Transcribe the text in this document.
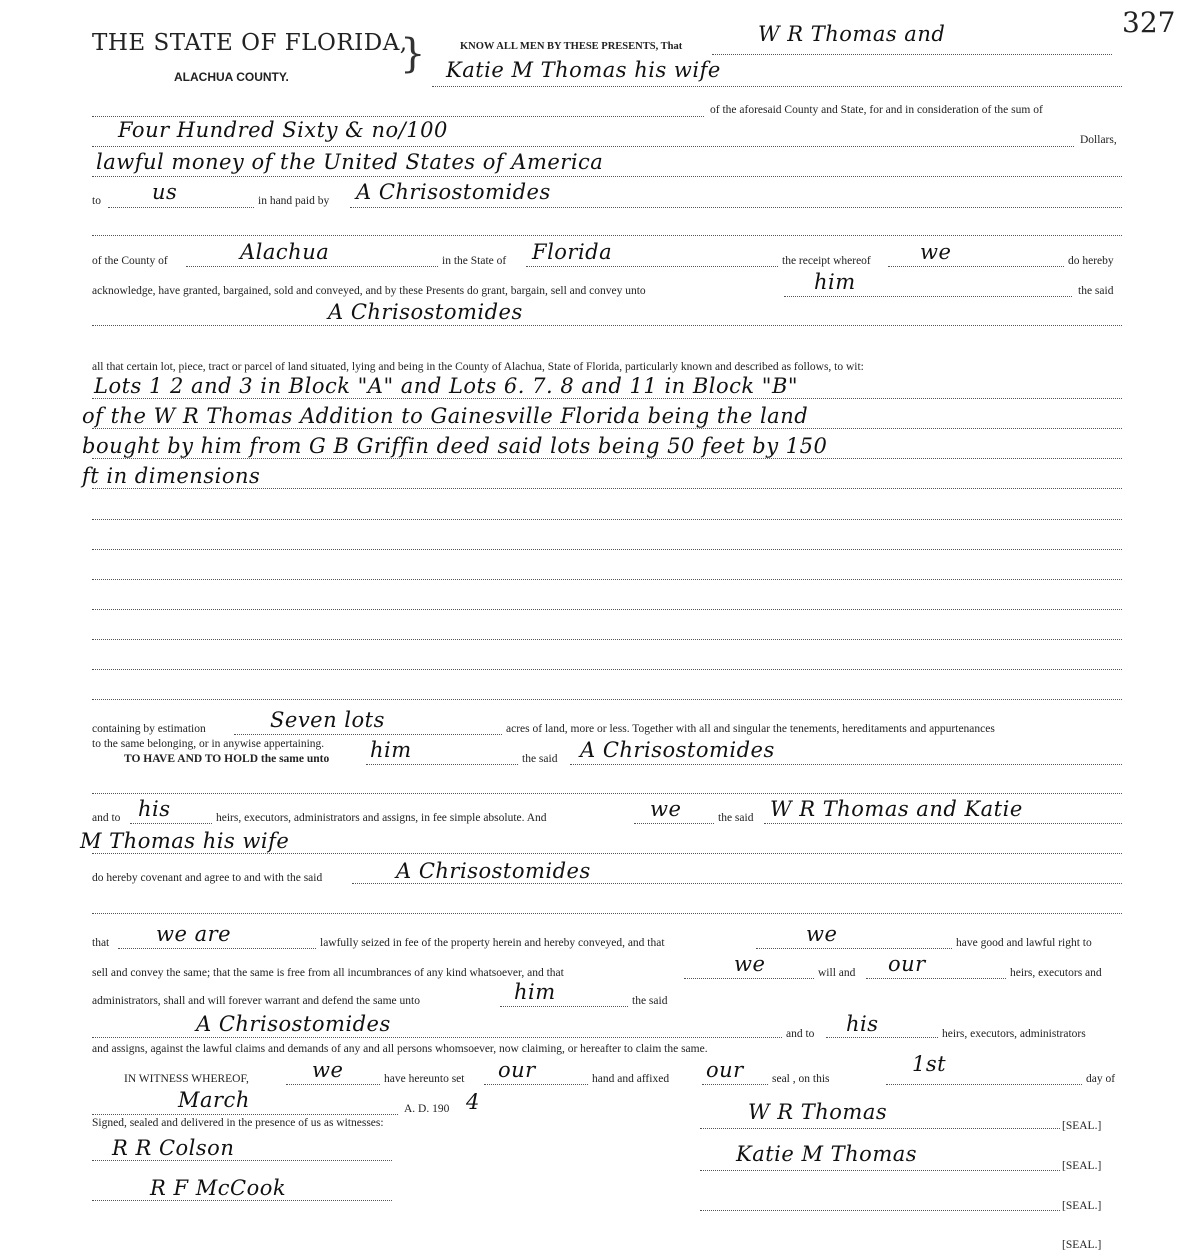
327
THE STATE OF FLORIDA,
ALACHUA COUNTY.	}	KNOW ALL MEN BY THESE PRESENTS, That
W R Thomas and
Katie M Thomas his wife
of the aforesaid County and State, for and in consideration of the sum of
Four Hundred Sixty & no/100	Dollars,
lawful money of the United States of America
to us	in hand paid by A Chrisostomides
of the County of	Alachua	in the State of Florida	the receipt whereof we	do hereby
acknowledge, have granted, bargained, sold and conveyed, and by these Presents do grant, bargain, sell and convey unto	him	the said
A Chrisostomides
all that certain lot, piece, tract or parcel of land situated, lying and being in the County of Alachua, State of Florida, particularly known and described as follows, to wit:
Lots 1 2 and 3 in Block "A" and Lots 6. 7. 8 and 11 in Block "B"
of the W R Thomas Addition to Gainesville Florida being the land
bought by him from G B Griffin deed said lots being 50 feet by 150
ft in dimensions
containing by estimation	Seven lots	acres of land, more or less. Together with all and singular the tenements, hereditaments and appurtenances
to the same belonging, or in anywise appertaining.
TO HAVE AND TO HOLD the same unto him	the said A Chrisostomides
and to his	heirs, executors, administrators and assigns, in fee simple absolute. And	we	the said W R Thomas and Katie
M Thomas his wife
do hereby covenant and agree to and with the said	A Chrisostomides
that we are	lawfully seized in fee of the property herein and hereby conveyed, and that	we	have good and lawful right to
sell and convey the same; that the same is free from all incumbrances of any kind whatsoever, and that	we	will and our	heirs, executors and
administrators, shall and will forever warrant and defend the same unto	him	the said
A Chrisostomides	and to his	heirs, executors, administrators
and assigns, against the lawful claims and demands of any and all persons whomsoever, now claiming, or hereafter to claim the same.
IN WITNESS WHEREOF,	we	have hereunto set our	hand and affixed our seal , on this
1st
day of
March	A. D. 190 4
Signed, sealed and delivered in the presence of us as witnesses:	W R Thomas
[SEAL.]
R R Colson	Katie M Thomas	[SEAL.]
R F McCook
[SEAL.]
[SEAL.]
